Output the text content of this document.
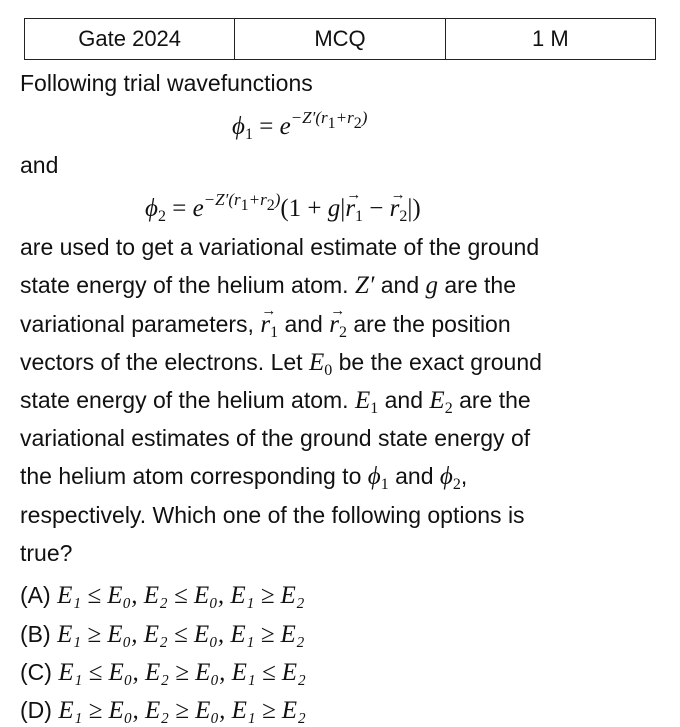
Gate 2024	MCQ	1 M
Following trial wavefunctions
$\phi_1 = e^{-Z'(r_1+r_2)}$
and
$\phi_2 = e^{-Z'(r_1+r_2)}(1 + g|\to r_1$ − → $r_2|$)
are used to get a variational estimate of the ground
state energy of the helium atom. Z′ and g are the
variational parameters, → $r_1$ and → $r_2$ are the position
vectors of the electrons. Let $E_0$ be the exact ground
state energy of the helium atom. $E_1$ and $E_2$ are the
variational estimates of the ground state energy of
the helium atom corresponding to $\phi_1$ and $\phi_2$,
respectively. Which one of the following options is
true?
(A) E₁ ≤ E₀, E₂ ≤ E₀, E₁ ≥ E₂
(B) E₁ ≥ E₀, E₂ ≤ E₀, E₁ ≥ E₂
(C) E₁ ≤ E₀, E₂ ≥ E₀, E₁ ≤ E₂
(D) E₁ ≥ E₀, E₂ ≥ E₀, E₁ ≥ E₂
